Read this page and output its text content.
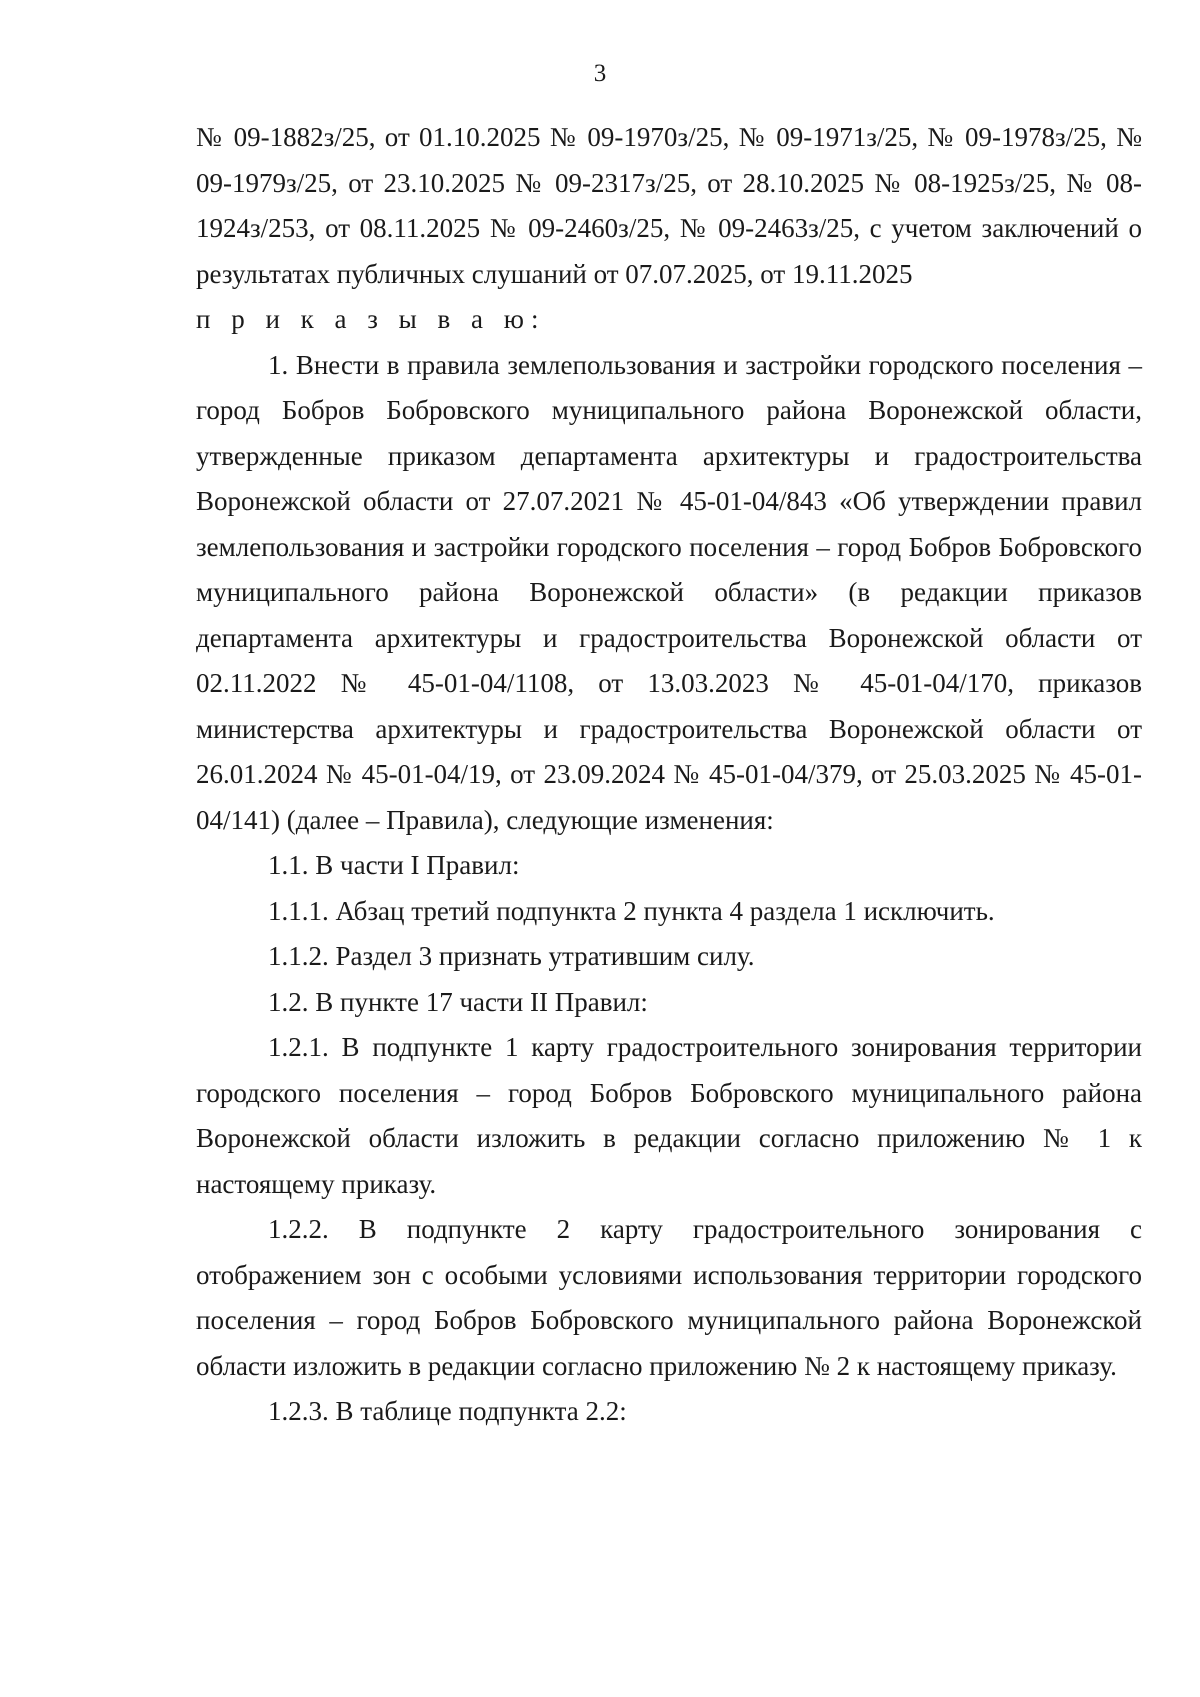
3

№ 09-1882з/25, от 01.10.2025 № 09-1970з/25, № 09-1971з/25, № 09-1978з/25, № 09-1979з/25, от 23.10.2025 № 09-2317з/25, от 28.10.2025 № 08-1925з/25, № 08-1924з/253, от 08.11.2025 № 09-2460з/25, № 09-2463з/25, с учетом заключений о результатах публичных слушаний от 07.07.2025, от 19.11.2025

п р и к а з ы в а ю:

1. Внести в правила землепользования и застройки городского поселения – город Бобров Бобровского муниципального района Воронежской области, утвержденные приказом департамента архитектуры и градостроительства Воронежской области от 27.07.2021 № 45-01-04/843 «Об утверждении правил землепользования и застройки городского поселения – город Бобров Бобровского муниципального района Воронежской области» (в редакции приказов департамента архитектуры и градостроительства Воронежской области от 02.11.2022 № 45-01-04/1108, от 13.03.2023 № 45-01-04/170, приказов министерства архитектуры и градостроительства Воронежской области от 26.01.2024 № 45-01-04/19, от 23.09.2024 № 45-01-04/379, от 25.03.2025 № 45-01-04/141) (далее – Правила), следующие изменения:

1.1. В части I Правил:

1.1.1. Абзац третий подпункта 2 пункта 4 раздела 1 исключить.

1.1.2. Раздел 3 признать утратившим силу.

1.2. В пункте 17 части II Правил:

1.2.1. В подпункте 1 карту градостроительного зонирования территории городского поселения – город Бобров Бобровского муниципального района Воронежской области изложить в редакции согласно приложению № 1 к настоящему приказу.

1.2.2. В подпункте 2 карту градостроительного зонирования с отображением зон с особыми условиями использования территории городского поселения – город Бобров Бобровского муниципального района Воронежской области изложить в редакции согласно приложению № 2 к настоящему приказу.

1.2.3. В таблице подпункта 2.2:
